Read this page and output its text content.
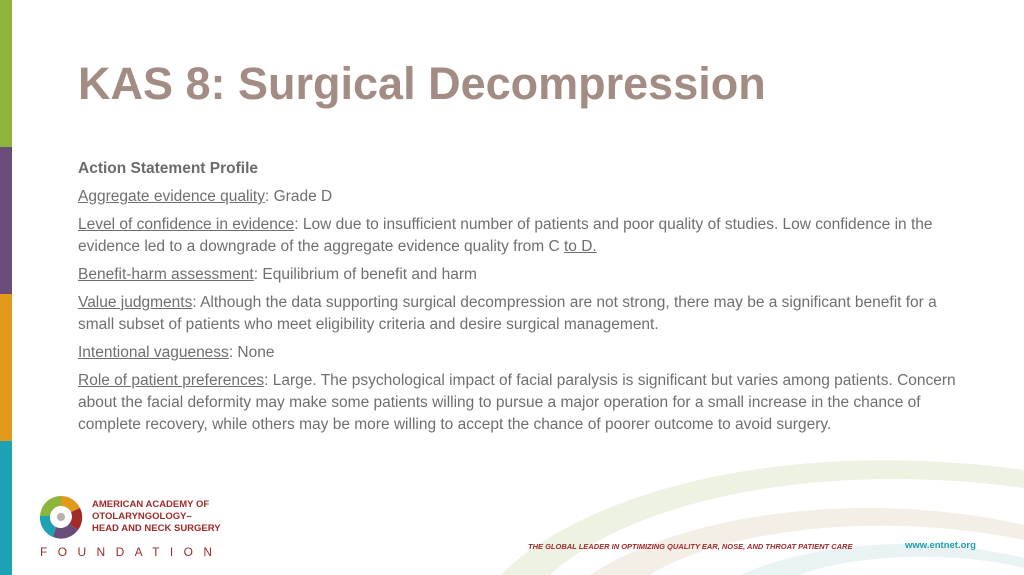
KAS 8: Surgical Decompression

Action Statement Profile

Aggregate evidence quality: Grade D

Level of confidence in evidence: Low due to insufficient number of patients and poor quality of studies. Low confidence in the evidence led to a downgrade of the aggregate evidence quality from C to D.

Benefit-harm assessment: Equilibrium of benefit and harm

Value judgments: Although the data supporting surgical decompression are not strong, there may be a significant benefit for a small subset of patients who meet eligibility criteria and desire surgical management.

Intentional vagueness: None

Role of patient preferences: Large. The psychological impact of facial paralysis is significant but varies among patients. Concern about the facial deformity may make some patients willing to pursue a major operation for a small increase in the chance of complete recovery, while others may be more willing to accept the chance of poorer outcome to avoid surgery.

AMERICAN ACADEMY OF
OTOLARYNGOLOGY–
HEAD AND NECK SURGERY
FOUNDATION	THE GLOBAL LEADER IN OPTIMIZING QUALITY EAR, NOSE, AND THROAT PATIENT CARE	www.entnet.org
